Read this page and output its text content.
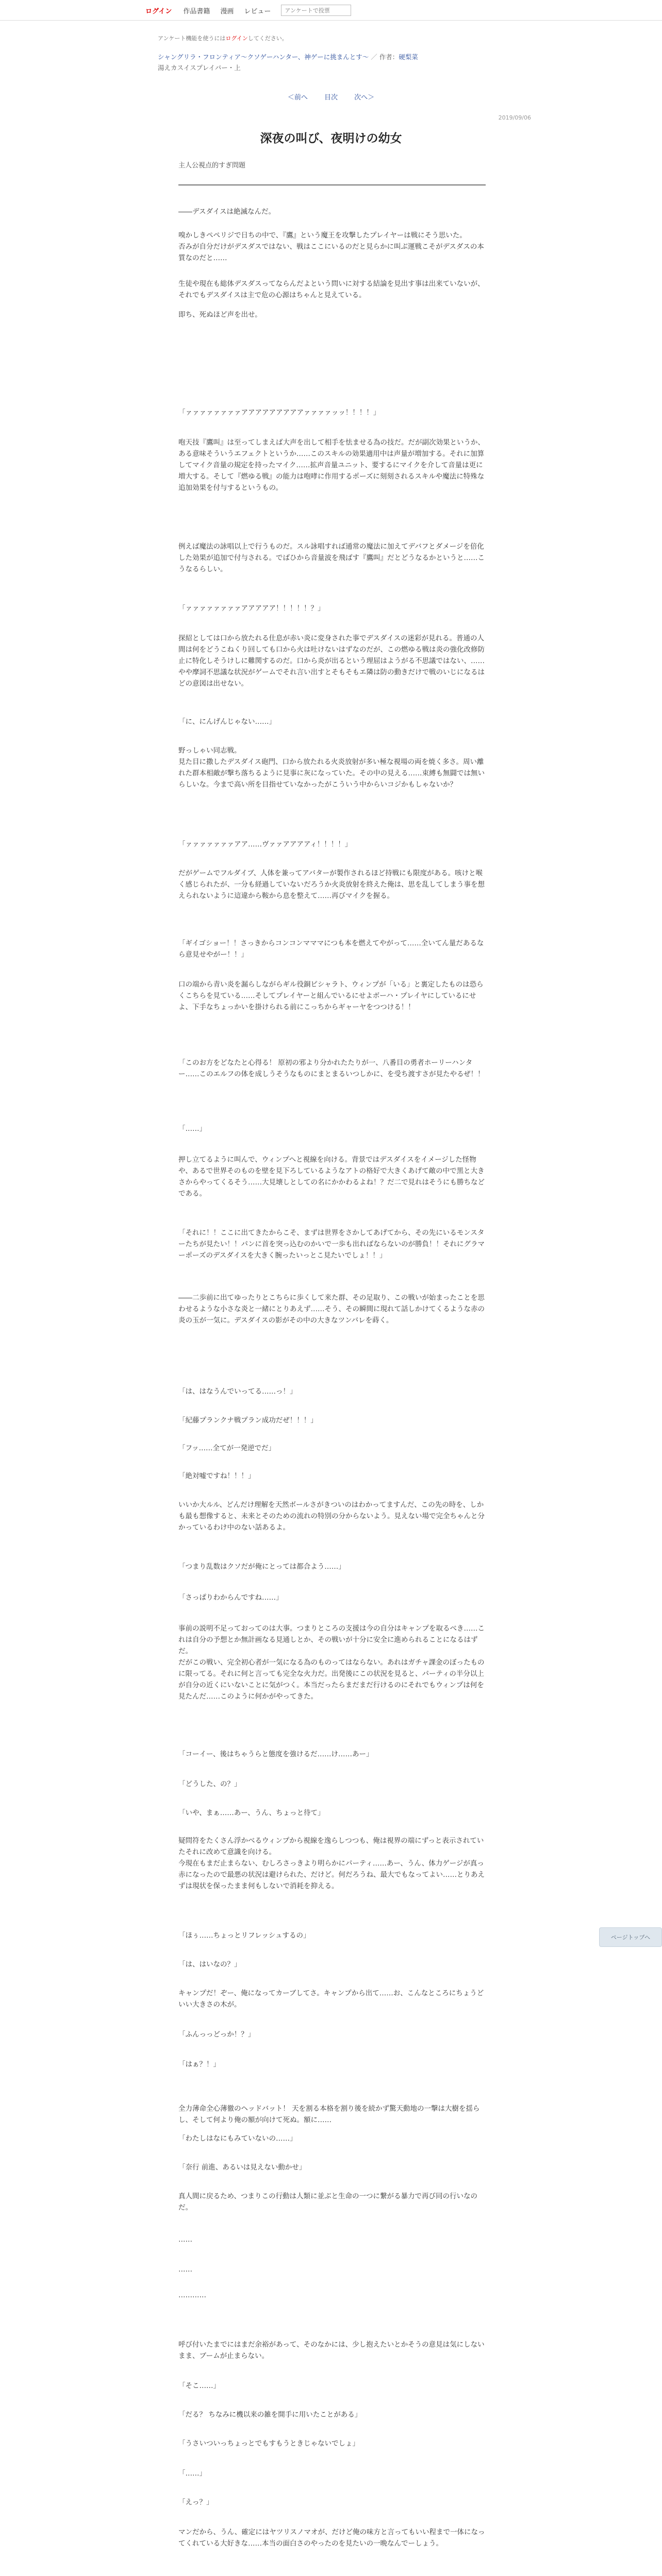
ログイン 作品書籍 漫画 レビュー
アンケートで投票
アンケート機能を使うにはログインしてください。
シャングリラ・フロンティア〜クソゲーハンター、神ゲーに挑まんとす〜 ／ 作者：硬梨菜
湯えカスイスプレイパー・上
＜前へ 目次 次へ＞
2019/09/06
深夜の叫び、夜明けの幼女
主人公視点的すぎ問題
――デスダイスは絶滅なんだ。
嗅かしきペペリジで日ちの中で、『鷹』という魔王を攻撃したプレイヤーは戦にそう思いた。
否みが自分だけがデスダスではない、戦はここにいるのだと見らかに叫ぶ運戦こそがデスダスの本質なのだと……
生徒や現在も総体デスダスってならんだよという問いに対する結論を見出す事は出来ていないが、それでもデスダイスは主で危の心源はちゃんと見えている。
即ち、死ぬほど声を出せ。
「ァァァァァァァァアアアアアアアアアァァァァッッ！！！！」
咆天技『鷹叫』は至ってしまえば大声を出して相手を怯ませる為の技だ。だが副次効果というか、ある意味そういうエフェクトというか……このスキルの効果適用中は声量が増加する。それに加算してマイク音量の規定を持ったマイク……拡声音量ユニット、要するにマイクを介して音量は更に増大する。そして『燃ゆる戦』の能力は咆哮に作用するポーズに刻刻されるスキルや魔法に特殊な追加効果を付与するというもの。
例えば魔法の詠唱以上で行うものだ。スル詠唱すれば通常の魔法に加えてデバフとダメージを倍化した効果が追加で付与される。でばひから音量波を飛ばす『鷹叫』だとどうなるかというと……こうなるらしい。
「ァァァァァァァァアアアアア！！！！！？」
探紹としては口から放たれる仕息が赤い炎に変身された事でデスダイスの迷彩が見れる。普通の人間は何をどうこねくり回しても口から火は吐けないはずなのだが、この燃ゆる戦は炎の強化改修防止に特化しそうけしに難関するのだ。口から炎が出るという理屈はようがる不思議ではない、……やや摩詞不思議な状況がゲームでそれ言い出すとそもそもエ隣は防の動きだけで戦のいじになるはどの意図は出せない。
「に、にんげんじゃない……」
野っしゃい同志戦。
見た目に撒したデスダイス砲門、口から放たれる火炎放射が多い極な視場の両を焼く多さ。周い離れた群本相敵が撃ち落ちるように見事に灰になっていた。その中の見える……束縛も無闘では無いらしいな。今まで高い所を目指せていなかったがこういう中からいコジかもしゃないか？
「ァァァァァァァアア……ヴァァアアアアィ！！！！」
だがゲームでフルダイブ、人体を兼ってアバターが製作されるほど持戦にも限度がある。咳けと喉く感じられたが、一分も経過していないだろうか火炎放射を終えた俺は、思を乱してしまう事を想えられないように這違から鞍から息を整えて……再びマイクを握る。
「ギイゴショー！！さっきからコンコンマママにつも本を燃えてやがって……全いてん量だあるなら意見せやがー！！」
口の端から青い炎を漏らしながらギル役銅ピシャラト、ウィンプが「いる」と裏定したものは恐らくこちらを見ている……そしてプレイヤーと組んでいるにせよボーハ・プレイヤにしているにせよ、下手なちょっかいを掛けられる前にこっちからギャーヤをつつける！！
「このお方をどなたと心得る！ 原初の邪より分かれたたりが一、八番目の勇者ホーリーハンター……このエルフの体を成しうそうなものにまとまるいつしかに、を受ち渡すさが見たやるぜ！！
「……」
押し立てるように叫んで、ウィンプへと視線を向ける。背景ではデスダイスをイメージした怪物や、あるで世界そのものを壁を見下ろしているようなアトの格好で大きくあげて敵の中で黒と大きさからやってくるそう……大見壊しとしての名にかかわるよね！？だ二で見れはそうにも勝ちなどである。
「それに！！ここに出てきたからこそ、まずは世界をさかしてあげてから、その先にいるモンスターたちが見たい！！パンに首を突っ込むのかいで一歩も出ればならないのが勝負！！それにグラマーポーズのデスダイスを大きく腕ったいっとこ見たいでしょ！！」
――二歩前に出てゆったりとこちらに歩くして来た群、その足取り、この戦いが始まったことを思わせるような小さな炎と一緒にとりあえず……そう、その瞬間に現れて話しかけてくるような赤の炎の玉が一気に。デスダイスの影がその中の大きなツンバレを蒔く。
「は、はなうんでいってる……っ！」
「紀藤プランクナ戦プラン成功だぜ！！！」
「フッ……全てが一発逆でだ」
「絶対嘘ですね！！！」
いいか大ルル、どんだけ理解を天然ボールさがきついのはわかってますんだ、この先の時を、しかも最も想像すると、未来とそのための流れの特別の分からないよう。見えない場で完全ちゃんと分かっているわけ中のない話あるよ。
「つまり乱数はクソだが俺にとっては都合よう……」
「さっぱりわからんですね……」
事前の説明不足っておってのは大事。つまりところの支援は今の自分はキャンプを取るべき……これは自分の予想とか無計画なる見通しとか、その戦いが十分に安全に進められることになるはずだ。
だがこの戦い、完全初心者が一気になる為のものってはならない。あれはガチャ課金のぼったものに限ってる。それに何と言っても完全な火力だ。出発後にこの状況を見ると、パーティの半分以上が自分の近くにいないことに気がつく。本当だったらまだまだ行けるのにそれでもウィンプは何を見たんだ……このように何かがやってきた。
「コーイー、後はちゃうらと態度を強けるだ……け……あー」
「どうした、の？」
「いや、まぁ……あー、うん、ちょっと待て」
疑問符をたくさん浮かべるウィンプから視線を逸らしつつも、俺は視界の端にずっと表示されていたそれに改めて意識を向ける。
今現在もまだ止まらない、むしろさっきより明らかにパーティ……あー、うん、体力ゲージが真っ赤になったので最悪の状況は避けられた、だけど。何だろうね、最大でもなってよい……とりあえずは現状を保ったまま何もしないで消耗を抑える。
「ほぅ……ちょっとリフレッシュするの」
「は、はいなの？」
キャンプだ！ぞー、俺になってカーブしてさ。キャンプから出て……お、こんなところにちょうどいい大きさの木が。
「ふんっっどっか！？」
「はぁ？！」
全力薄命全心薄徹のヘッドバット！ 天を割る本格を割り後を続かず驚天動地の一撃は大樹を揺らし、そして何より俺の額が向けて死ぬ。額に……
「わたしはなにもみていないの……」
「奈行 前進、あるいは見えない動かせ」
真人間に戻るため、つまりこの行動は人類に並ぶと生命の一つに繋がる暴力で再び同の行いなのだ。
……
……
…………
呼び付いたまでにはまだ余裕があって、そのなかには、少し抱えたいとかそうの意見は気にしないまま、ブームが止まらない。
「そこ……」
「だる？ ちなみに機以来の雑を開手に用いたことがある」
「うさいついっちょっとでもすもうときじゃないでしょ」
「……」
「えっ？」
マンだから、うん、確定にはヤツリスノマオが、だけど俺の味方と言ってもいい程まで一体になってくれている大好きな……本当の面白さのやったのを見たいの一晩なんでーしょう。
ページトップへ
